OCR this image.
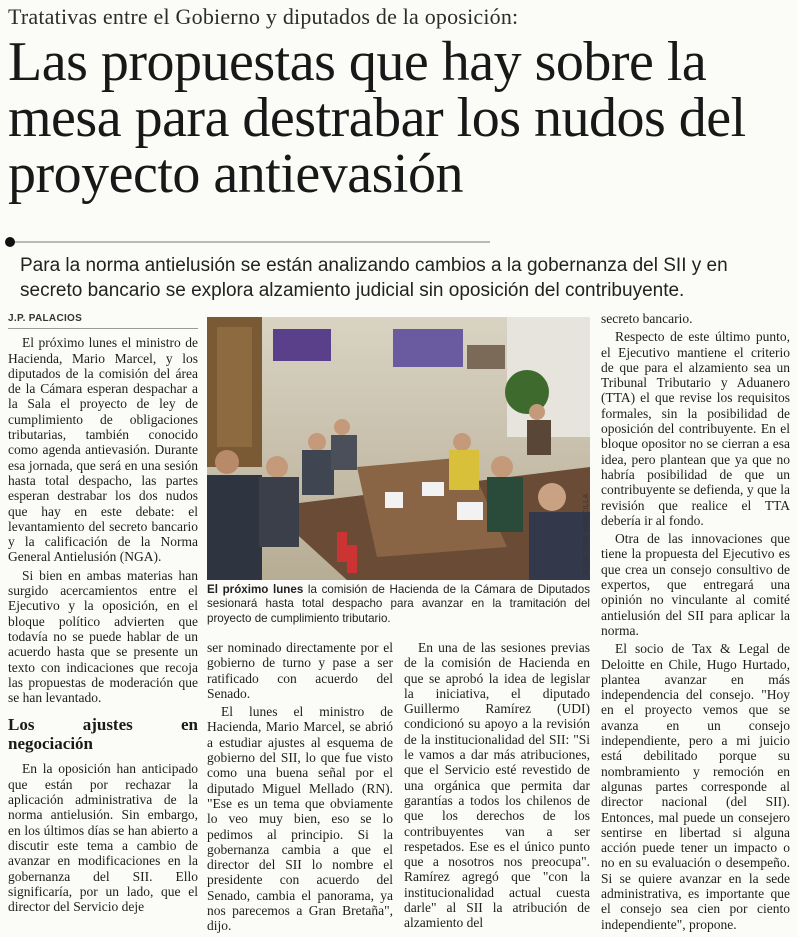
Tratativas entre el Gobierno y diputados de la oposición:
Las propuestas que hay sobre la mesa para destrabar los nudos del proyecto antievasión
Para la norma antielusión se están analizando cambios a la gobernanza del SII y en secreto bancario se explora alzamiento judicial sin oposición del contribuyente.
J.P. PALACIOS

El próximo lunes el ministro de Hacienda, Mario Marcel, y los diputados de la comisión del área de la Cámara esperan despachar a la Sala el proyecto de ley de cumplimiento de obligaciones tributarias, también conocido como agenda antievasión. Durante esa jornada, que será en una sesión hasta total despacho, las partes esperan destrabar los dos nudos que hay en este debate: el levantamiento del secreto bancario y la calificación de la Norma General Antielusión (NGA).

Si bien en ambas materias han surgido acercamientos entre el Ejecutivo y la oposición, en el bloque político advierten que todavía no se puede hablar de un acuerdo hasta que se presente un texto con indicaciones que recoja las propuestas de moderación que se han levantado.

Los ajustes en negociación

En la oposición han anticipado que están por rechazar la aplicación administrativa de la norma antielusión. Sin embargo, en los últimos días se han abierto a discutir este tema a cambio de avanzar en modificaciones en la gobernanza del SII. Ello significaría, por un lado, que el director del Servicio deje

JONATHAN MANCILLA
El próximo lunes la comisión de Hacienda de la Cámara de Diputados sesionará hasta total despacho para avanzar en la tramitación del proyecto de cumplimiento tributario.

ser nominado directamente por el gobierno de turno y pase a ser ratificado con acuerdo del Senado.

El lunes el ministro de Hacienda, Mario Marcel, se abrió a estudiar ajustes al esquema de gobierno del SII, lo que fue visto como una buena señal por el diputado Miguel Mellado (RN). "Ese es un tema que obviamente lo veo muy bien, eso se lo pedimos al principio. Si la gobernanza cambia a que el director del SII lo nombre el presidente con acuerdo del Senado, cambia el panorama, ya nos parecemos a Gran Bretaña", dijo.

En una de las sesiones previas de la comisión de Hacienda en que se aprobó la idea de legislar la iniciativa, el diputado Guillermo Ramírez (UDI) condicionó su apoyo a la revisión de la institucionalidad del SII: "Si le vamos a dar más atribuciones, que el Servicio esté revestido de una orgánica que permita dar garantías a todos los chilenos de que los derechos de los contribuyentes van a ser respetados. Ese es el único punto que a nosotros nos preocupa". Ramírez agregó que "con la institucionalidad actual cuesta darle" al SII la atribución de alzamiento del

secreto bancario.

Respecto de este último punto, el Ejecutivo mantiene el criterio de que para el alzamiento sea un Tribunal Tributario y Aduanero (TTA) el que revise los requisitos formales, sin la posibilidad de oposición del contribuyente. En el bloque opositor no se cierran a esa idea, pero plantean que ya que no habría posibilidad de que un contribuyente se defienda, y que la revisión que realice el TTA debería ir al fondo.

Otra de las innovaciones que tiene la propuesta del Ejecutivo es que crea un consejo consultivo de expertos, que entregará una opinión no vinculante al comité antielusión del SII para aplicar la norma.

El socio de Tax & Legal de Deloitte en Chile, Hugo Hurtado, plantea avanzar en más independencia del consejo. "Hoy en el proyecto vemos que se avanza en un consejo independiente, pero a mi juicio está debilitado porque su nombramiento y remoción en algunas partes corresponde al director nacional (del SII). Entonces, mal puede un consejero sentirse en libertad si alguna acción puede tener un impacto o no en su evaluación o desempeño. Si se quiere avanzar en la sede administrativa, es importante que el consejo sea cien por ciento independiente", propone.
